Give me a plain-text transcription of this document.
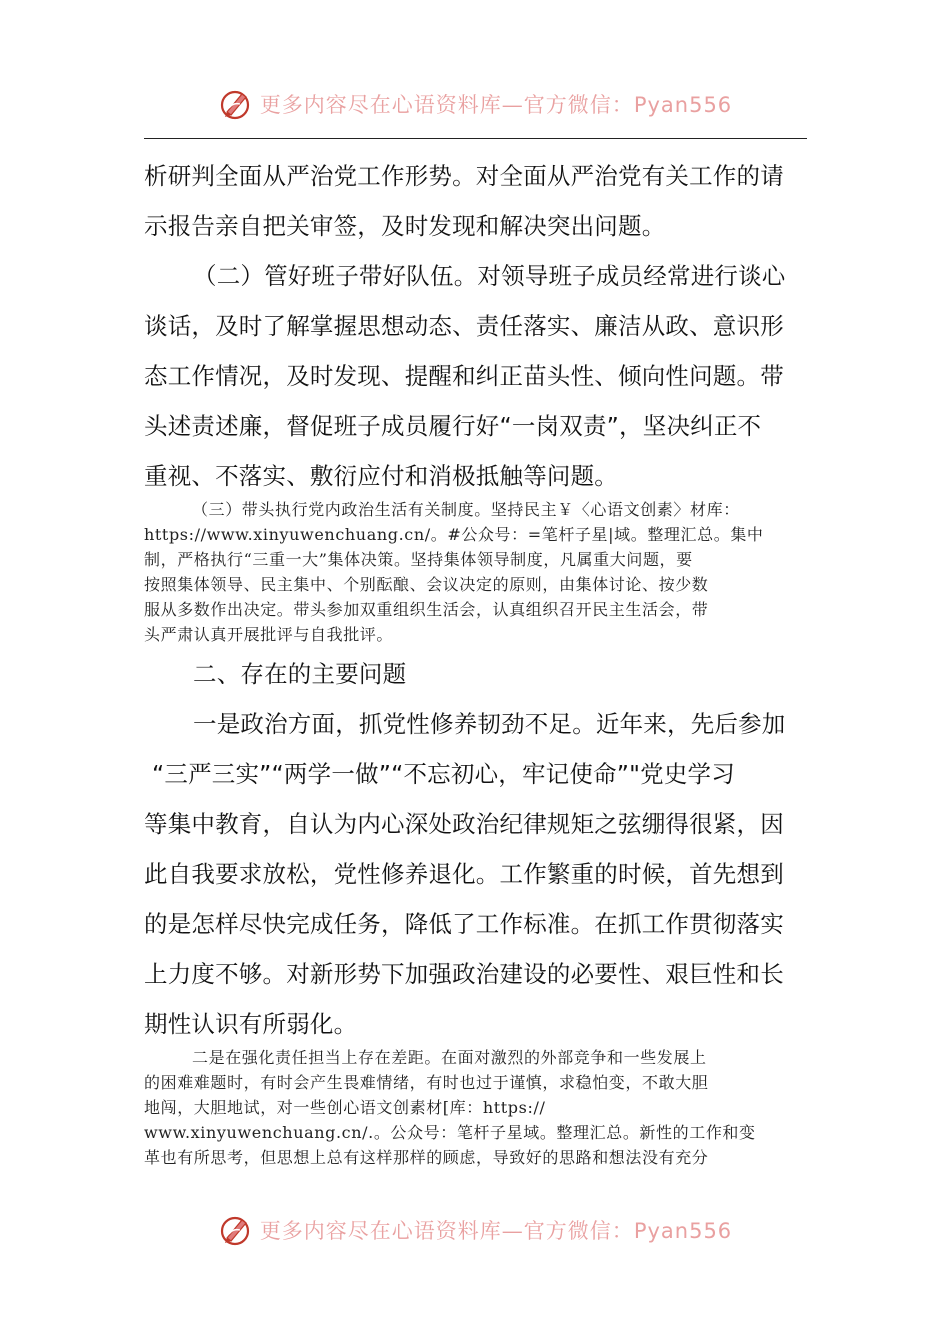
更多内容尽在心语资料库—官方微信：Pyan556
析研判全面从严治党工作形势。对全面从严治党有关工作的请
示报告亲自把关审签，及时发现和解决突出问题。
（二）管好班子带好队伍。对领导班子成员经常进行谈心
谈话，及时了解掌握思想动态、责任落实、廉洁从政、意识形
态工作情况，及时发现、提醒和纠正苗头性、倾向性问题。带
头述责述廉，督促班子成员履行好“一岗双责”，坚决纠正不
重视、不落实、敷衍应付和消极抵触等问题。
（三）带头执行党内政治生活有关制度。坚持民主￥〈心语文创素〉材库：
https://www.xinyuwenchuang.cn/。#公众号：=笔杆子星|域。整理汇总。集中
制，严格执行“三重一大”集体决策。坚持集体领导制度，凡属重大问题，要
按照集体领导、民主集中、个别酝酿、会议决定的原则，由集体讨论、按少数
服从多数作出决定。带头参加双重组织生活会，认真组织召开民主生活会，带
头严肃认真开展批评与自我批评。
二、存在的主要问题
一是政治方面，抓党性修养韧劲不足。近年来，先后参加
“三严三实”“两学一做”“不忘初心，牢记使命”"党史学习
等集中教育，自认为内心深处政治纪律规矩之弦绷得很紧，因
此自我要求放松，党性修养退化。工作繁重的时候，首先想到
的是怎样尽快完成任务，降低了工作标准。在抓工作贯彻落实
上力度不够。对新形势下加强政治建设的必要性、艰巨性和长
期性认识有所弱化。
二是在强化责任担当上存在差距。在面对激烈的外部竞争和一些发展上
的困难难题时，有时会产生畏难情绪，有时也过于谨慎，求稳怕变，不敢大胆
地闯，大胆地试，对一些创心语文创素材[库：https://
www.xinyuwenchuang.cn/.。公众号：笔杆子星域。整理汇总。新性的工作和变
革也有所思考，但思想上总有这样那样的顾虑，导致好的思路和想法没有充分
更多内容尽在心语资料库—官方微信：Pyan556
